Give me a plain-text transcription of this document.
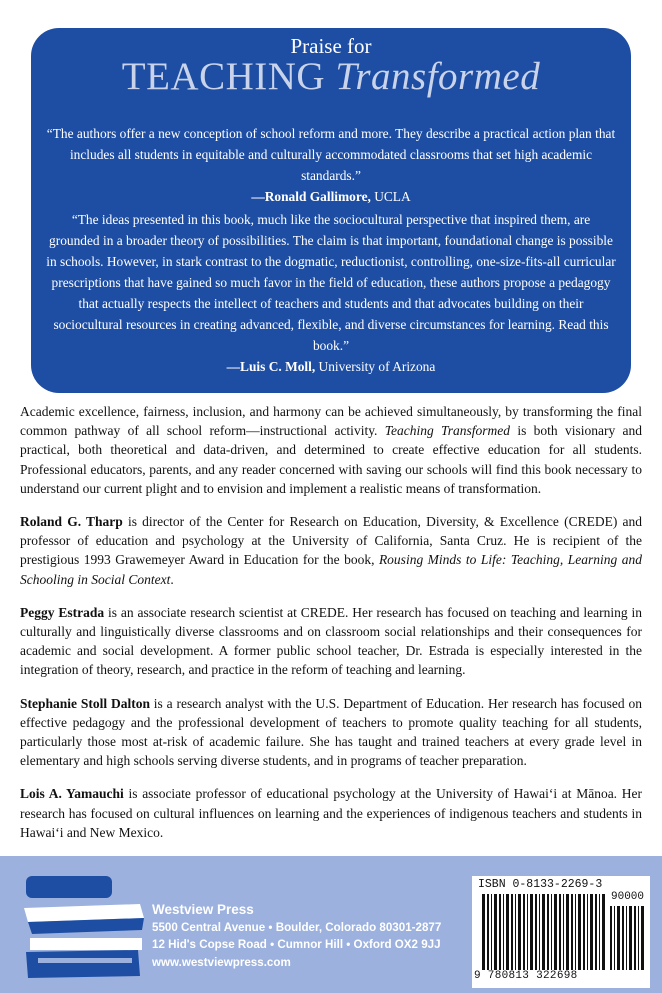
Praise for
TEACHING Transformed
“The authors offer a new conception of school reform and more. They describe a practical action plan that includes all students in equitable and culturally accommodated classrooms that set high academic standards.”
—Ronald Gallimore, UCLA
“The ideas presented in this book, much like the sociocultural perspective that inspired them, are grounded in a broader theory of possibilities. The claim is that important, foundational change is possible in schools. However, in stark contrast to the dogmatic, reductionist, controlling, one-size-fits-all curricular prescriptions that have gained so much favor in the field of education, these authors propose a pedagogy that actually respects the intellect of teachers and students and that advocates building on their sociocultural resources in creating advanced, flexible, and diverse circumstances for learning. Read this book.”
—Luis C. Moll, University of Arizona

Academic excellence, fairness, inclusion, and harmony can be achieved simultaneously, by transforming the final common pathway of all school reform—instructional activity. Teaching Transformed is both visionary and practical, both theoretical and data-driven, and determined to create effective education for all students. Professional educators, parents, and any reader concerned with saving our schools will find this book necessary to understand our current plight and to envision and implement a realistic means of transformation.

Roland G. Tharp is director of the Center for Research on Education, Diversity, & Excellence (CREDE) and professor of education and psychology at the University of California, Santa Cruz. He is recipient of the prestigious 1993 Grawemeyer Award in Education for the book, Rousing Minds to Life: Teaching, Learning and Schooling in Social Context.

Peggy Estrada is an associate research scientist at CREDE. Her research has focused on teaching and learning in culturally and linguistically diverse classrooms and on classroom social relationships and their consequences for academic and social development. A former public school teacher, Dr. Estrada is especially interested in the integration of theory, research, and practice in the reform of teaching and learning.

Stephanie Stoll Dalton is a research analyst with the U.S. Department of Education. Her research has focused on effective pedagogy and the professional development of teachers to promote quality teaching for all students, particularly those most at-risk of academic failure. She has taught and trained teachers at every grade level in elementary and high schools serving diverse students, and in programs of teacher preparation.

Lois A. Yamauchi is associate professor of educational psychology at the University of Hawai‘i at Mānoa. Her research has focused on cultural influences on learning and the experiences of indigenous teachers and students in Hawai‘i and New Mexico.

Westview Press
5500 Central Avenue • Boulder, Colorado 80301-2877
12 Hid's Copse Road • Cumnor Hill • Oxford OX2 9JJ
www.westviewpress.com
ISBN 0-8133-2269-3
90000
9 780813 322698
